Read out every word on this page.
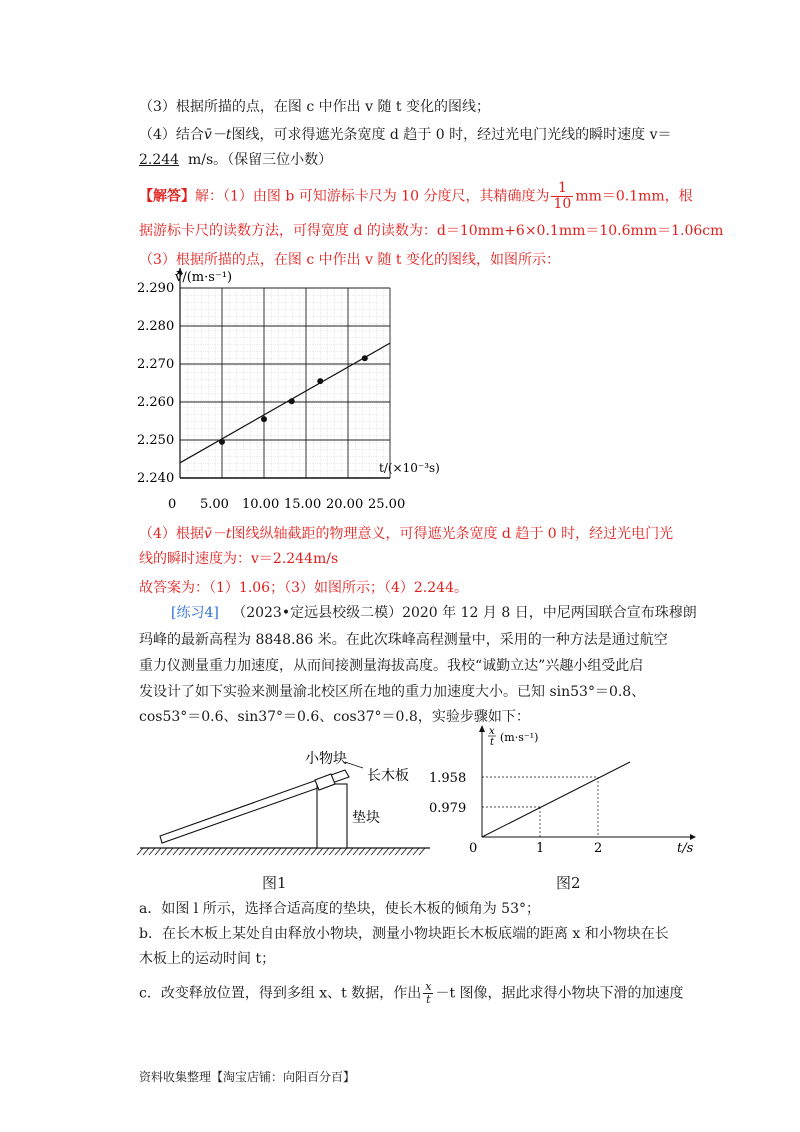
（3）根据所描的点，在图 c 中作出 v 随 t 变化的图线；
（4）结合v̄－t图线，可求得遮光条宽度 d 趋于 0 时，经过光电门光线的瞬时速度 v＝
2.244 m/s。（保留三位小数）
【解答】解：（1）由图 b 可知游标卡尺为 10 分度尺，其精确度为 $\frac{1}{10} mm=0.1mm$，根
据游标卡尺的读数方法，可得宽度 d 的读数为：d＝10mm+6×0.1mm＝10.6mm＝1.06cm
（3）根据所描的点，在图 c 中作出 v 随 t 变化的图线，如图所示：
2.240
2.250
2.260
2.270
2.280
2.290
0 5.00 10.00 15.00 20.00 25.00
v̄/(m·s⁻¹)
t/(×10⁻³s)
（4）根据v̄－t图线纵轴截距的物理意义，可得遮光条宽度 d 趋于 0 时，经过光电门光
线的瞬时速度为：v＝2.244m/s
故答案为：（1）1.06；（3）如图所示；（4）2.244。
[练习4] （2023•定远县校级二模）2020 年 12 月 8 日，中尼两国联合宣布珠穆朗
玛峰的最新高程为 8848.86 米。在此次珠峰高程测量中，采用的一种方法是通过航空
重力仪测量重力加速度，从而间接测量海拔高度。我校“诚勤立达”兴趣小组受此启
发设计了如下实验来测量渝北校区所在地的重力加速度大小。已知 sin53°＝0.8、
cos53°＝0.6、sin37°＝0.6、cos37°＝0.8，实验步骤如下：
小物块
长木板
垫块
图1
1.958
0.979
0	1	2	t/s
x
t (m·s⁻¹)
图2
a．如图 l 所示，选择合适高度的垫块，使长木板的倾角为 53°；
b．在长木板上某处自由释放小物块，测量小物块距长木板底端的距离 x 和小物块在长
木板上的运动时间 t；
c．改变释放位置，得到多组 x、t 数据，作出 $\frac{x}{t} -t$ 图像，据此求得小物块下滑的加速度
资料收集整理【淘宝店铺：向阳百分百】
